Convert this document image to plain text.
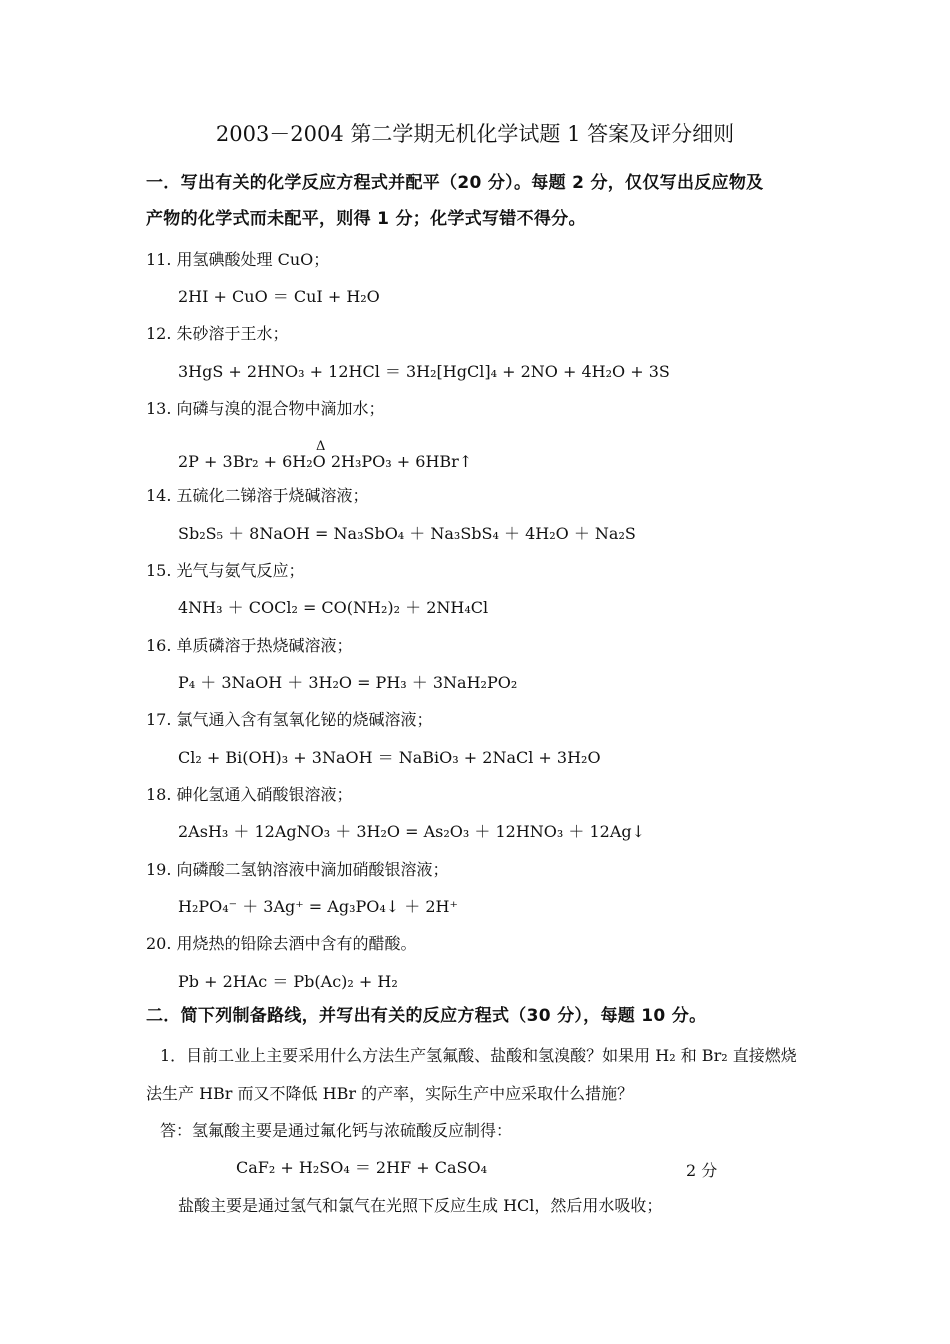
2003－2004 第二学期无机化学试题 1 答案及评分细则
一．写出有关的化学反应方程式并配平（20 分）。每题 2 分，仅仅写出反应物及
产物的化学式而未配平，则得 1 分；化学式写错不得分。
11. 用氢碘酸处理 CuO；
2HI + CuO ＝ CuI + H₂O
12. 朱砂溶于王水；
3HgS + 2HNO₃ + 12HCl ＝ 3H₂[HgCl]₄ + 2NO + 4H₂O + 3S
13. 向磷与溴的混合物中滴加水；
Δ
2P + 3Br₂ + 6H₂O 2H₃PO₃ + 6HBr↑
14. 五硫化二锑溶于烧碱溶液；
Sb₂S₅ ＋ 8NaOH = Na₃SbO₄ ＋ Na₃SbS₄ ＋ 4H₂O ＋ Na₂S
15. 光气与氨气反应；
4NH₃ ＋ COCl₂ = CO(NH₂)₂ ＋ 2NH₄Cl
16. 单质磷溶于热烧碱溶液；
P₄ ＋ 3NaOH ＋ 3H₂O = PH₃ ＋ 3NaH₂PO₂
17. 氯气通入含有氢氧化铋的烧碱溶液；
Cl₂ + Bi(OH)₃ + 3NaOH ＝ NaBiO₃ + 2NaCl + 3H₂O
18. 砷化氢通入硝酸银溶液；
2AsH₃ ＋ 12AgNO₃ ＋ 3H₂O = As₂O₃ ＋ 12HNO₃ ＋ 12Ag↓
19. 向磷酸二氢钠溶液中滴加硝酸银溶液；
H₂PO₄⁻ ＋ 3Ag⁺ = Ag₃PO₄↓ ＋ 2H⁺
20. 用烧热的铅除去酒中含有的醋酸。
Pb + 2HAc ＝ Pb(Ac)₂ + H₂
二．简下列制备路线，并写出有关的反应方程式（30 分），每题 10 分。
1．目前工业上主要采用什么方法生产氢氟酸、盐酸和氢溴酸？如果用 H₂ 和 Br₂ 直接燃烧
法生产 HBr 而又不降低 HBr 的产率，实际生产中应采取什么措施？
答：氢氟酸主要是通过氟化钙与浓硫酸反应制得：
CaF₂ + H₂SO₄ ＝ 2HF + CaSO₄	2 分
盐酸主要是通过氢气和氯气在光照下反应生成 HCl，然后用水吸收；
